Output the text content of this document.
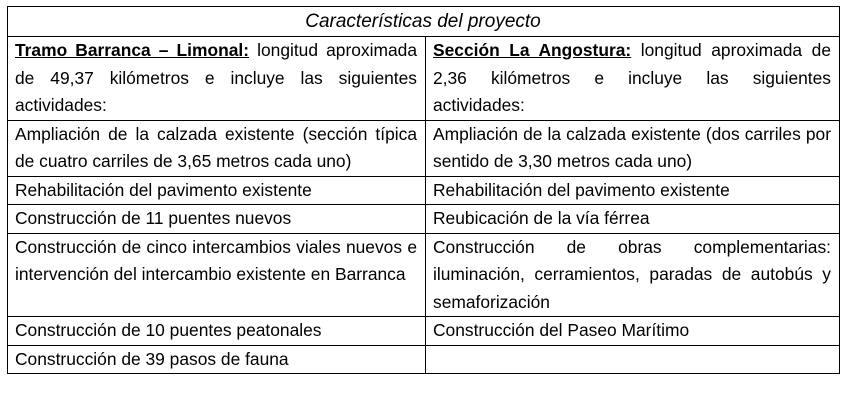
Características del proyecto	
Tramo Barranca – Limonal: longitud aproximada de 49,37 kilómetros e incluye las siguientes actividades:	Sección La Angostura: longitud aproximada de 2,36 kilómetros e incluye las siguientes actividades:
Ampliación de la calzada existente (sección típica de cuatro carriles de 3,65 metros cada uno)	Ampliación de la calzada existente (dos carriles por sentido de 3,30 metros cada uno)
Rehabilitación del pavimento existente	Rehabilitación del pavimento existente
Construcción de 11 puentes nuevos	Reubicación de la vía férrea
Construcción de cinco intercambios viales nuevos e intervención del intercambio existente en Barranca	Construcción de obras complementarias: iluminación, cerramientos, paradas de autobús y semaforización
Construcción de 10 puentes peatonales	Construcción del Paseo Marítimo
Construcción de 39 pasos de fauna	
